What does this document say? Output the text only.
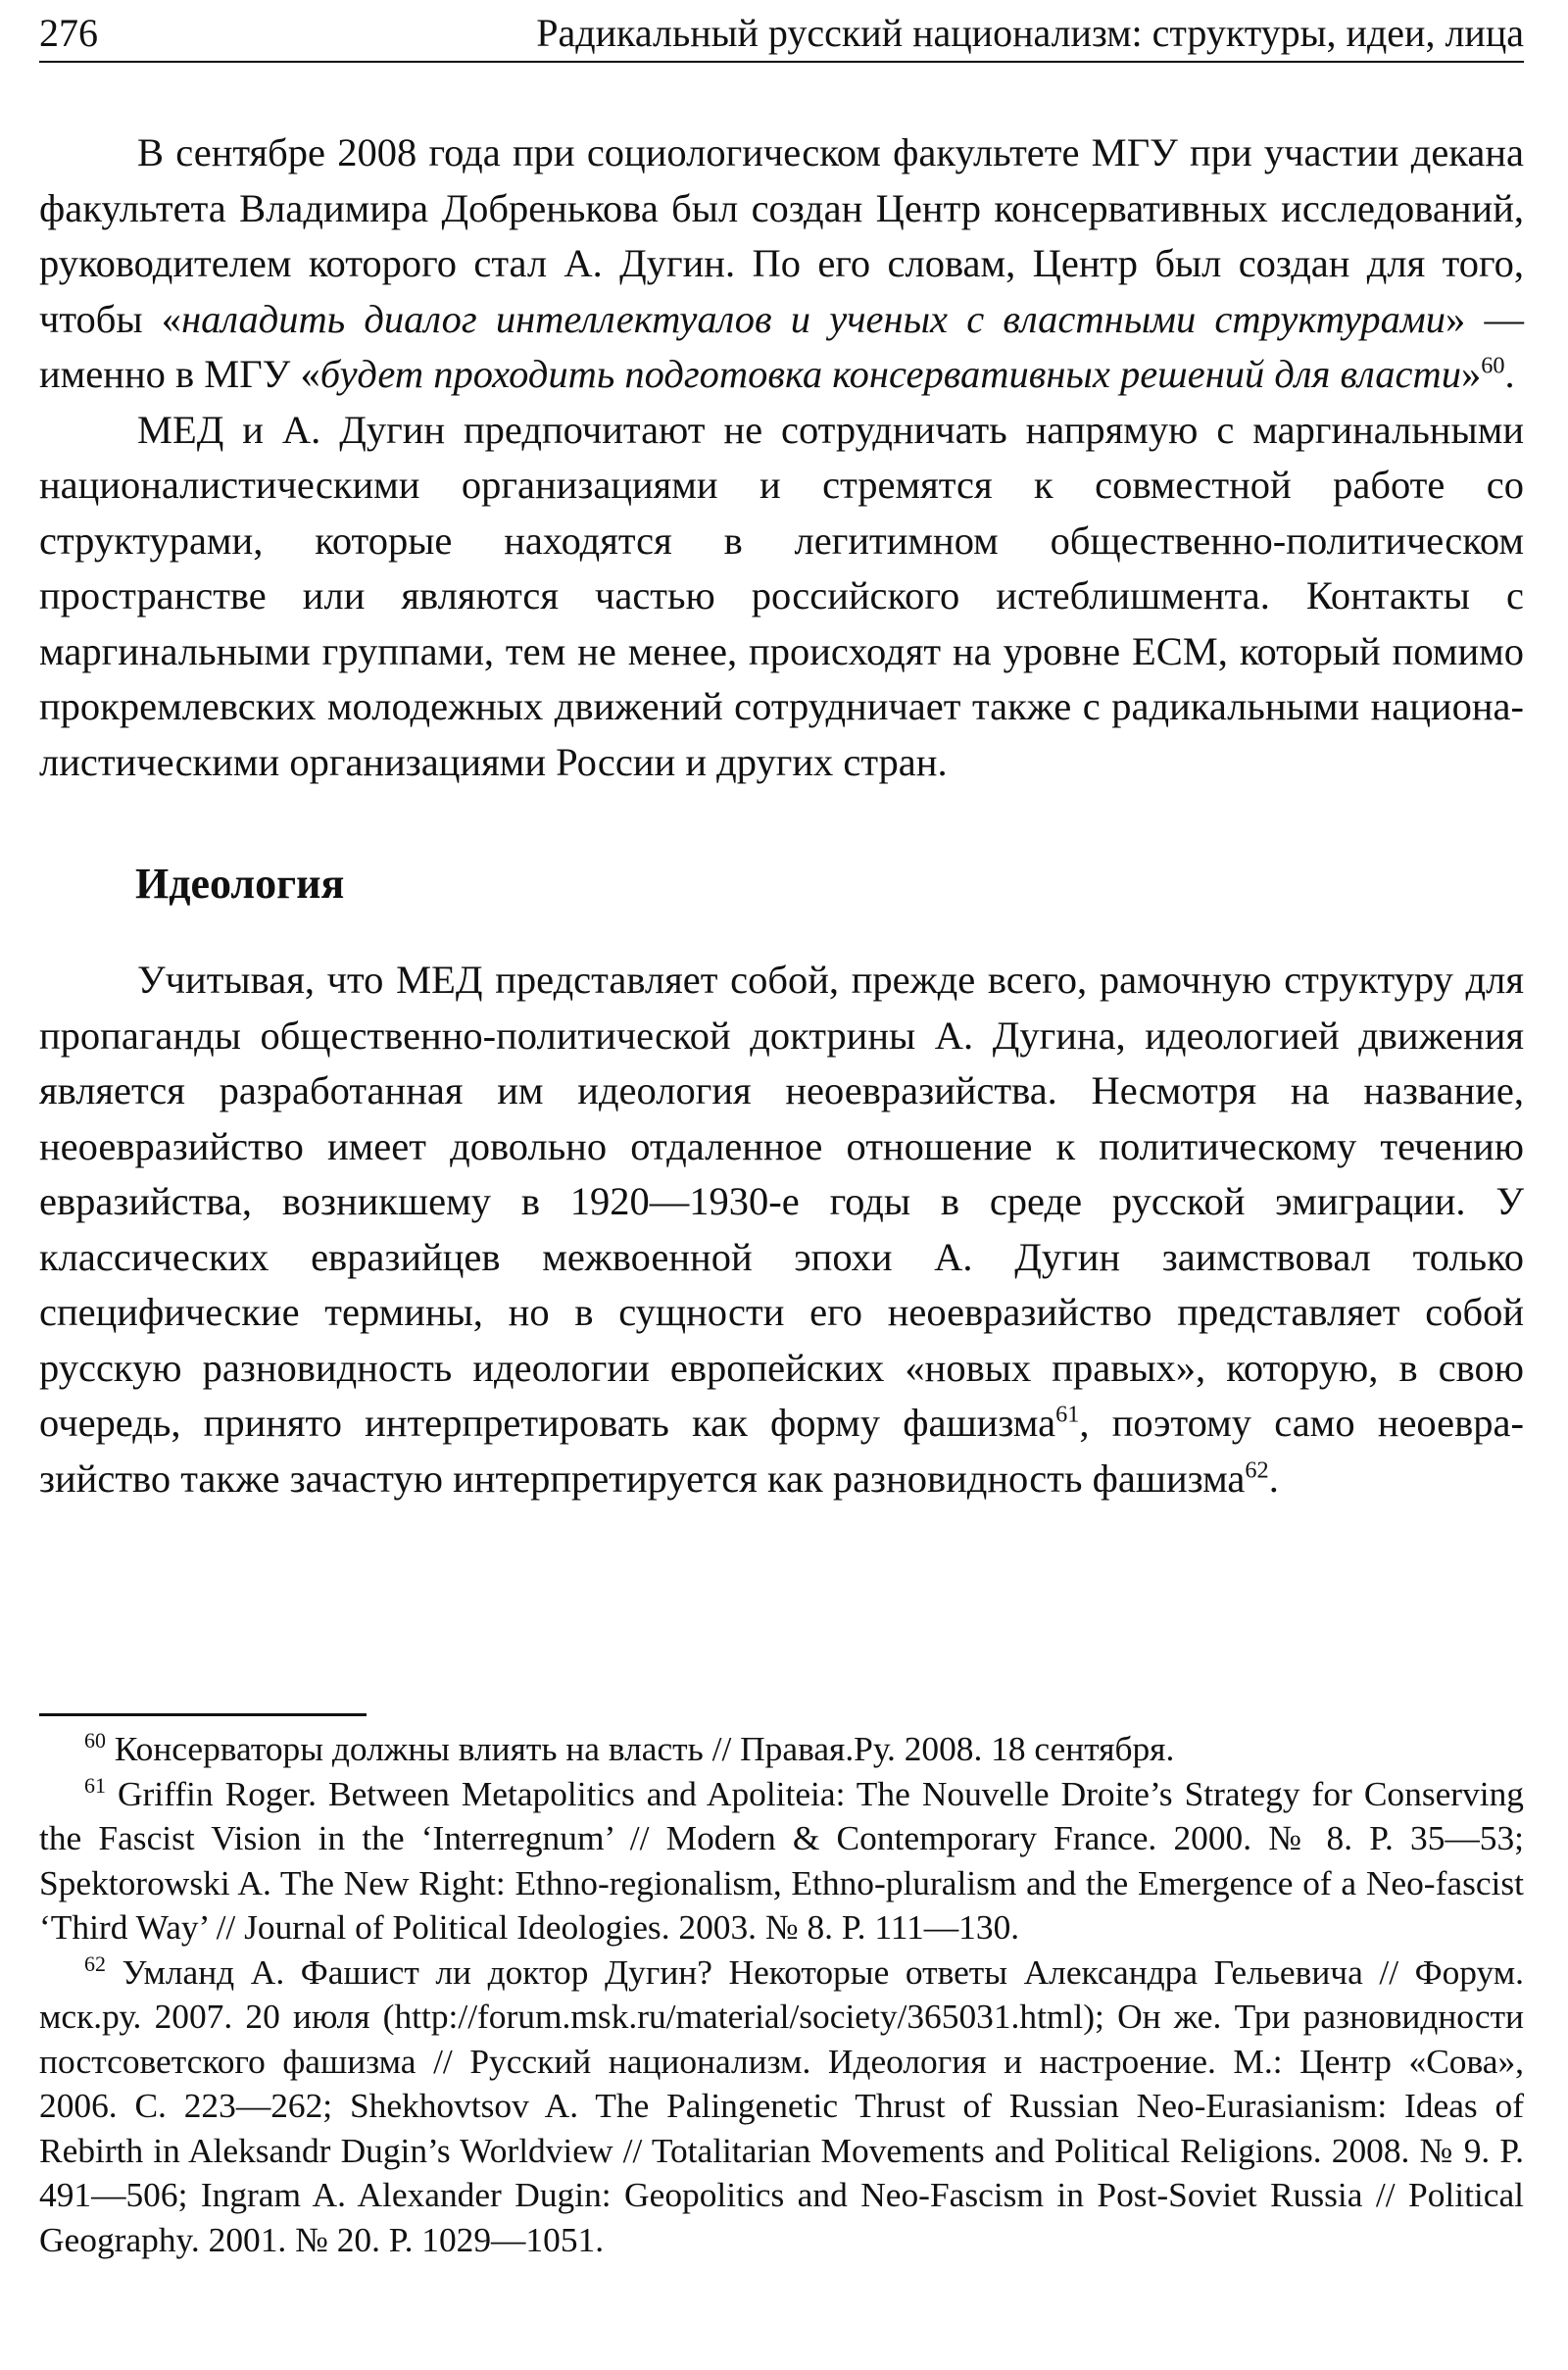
276	Радикальный русский национализм: структуры, идеи, лица

В сентябре 2008 года при социологическом факультете МГУ при участии декана факультета Владимира Добренькова был создан Центр консервативных исследований, руководителем которого стал А. Дугин. По его словам, Центр был создан для того, чтобы «наладить диалог интеллектуалов и ученых с властными структурами» — именно в МГУ «будет проходить подготовка консервативных решений для власти»$^{60}$.

МЕД и А. Дугин предпочитают не сотрудничать напрямую с маргинальными националистическими организациями и стремятся к совместной работе со структурами, которые находятся в легитимном общественно-политическом пространстве или являются частью российского истеблишмента. Контакты с маргинальными группами, тем не менее, происходят на уровне ЕСМ, который помимо прокремлевских молодежных движений сотрудничает также с радикальными националистическими организациями России и других стран.

Идеология

Учитывая, что МЕД представляет собой, прежде всего, рамочную структуру для пропаганды общественно-политической доктрины А. Дугина, идеологией движения является разработанная им идеология неоевразийства. Несмотря на название, неоевразийство имеет довольно отдаленное отношение к политическому течению евразийства, возникшему в 1920—1930-е годы в среде русской эмиграции. У классических евразийцев межвоенной эпохи А. Дугин заимствовал только специфические термины, но в сущности его неоевразийство представляет собой русскую разновидность идеологии европейских «новых правых», которую, в свою очередь, принято интерпретировать как форму фашизма$^{61}$, поэтому само неоевразийство также зачастую интерпретируется как разновидность фашизма$^{62}$.

$^{60}$ Консерваторы должны влиять на власть // Правая.Ру. 2008. 18 сентября.

$^{61}$ Griffin Roger. Between Metapolitics and Apoliteia: The Nouvelle Droite’s Strategy for Conserving the Fascist Vision in the ‘Interregnum’ // Modern & Contemporary France. 2000. № 8. P. 35—53; Spektorowski A. The New Right: Ethno-regionalism, Ethno-pluralism and the Emergence of a Neo-fascist ‘Third Way’ // Journal of Political Ideologies. 2003. № 8. P. 111—130.

$^{62}$ Умланд А. Фашист ли доктор Дугин? Некоторые ответы Александра Гельевича // Форум. мск.ру. 2007. 20 июля (http://forum.msk.ru/material/society/365031.html); Он же. Три разновидности постсоветского фашизма // Русский национализм. Идеология и настроение. М.: Центр «Сова», 2006. С. 223—262; Shekhovtsov A. The Palingenetic Thrust of Russian Neo-Eurasianism: Ideas of Rebirth in Aleksandr Dugin’s Worldview // Totalitarian Movements and Political Religions. 2008. № 9. P. 491—506; Ingram A. Alexander Dugin: Geopolitics and Neo-Fascism in Post-Soviet Russia // Political Geography. 2001. № 20. P. 1029—1051.
